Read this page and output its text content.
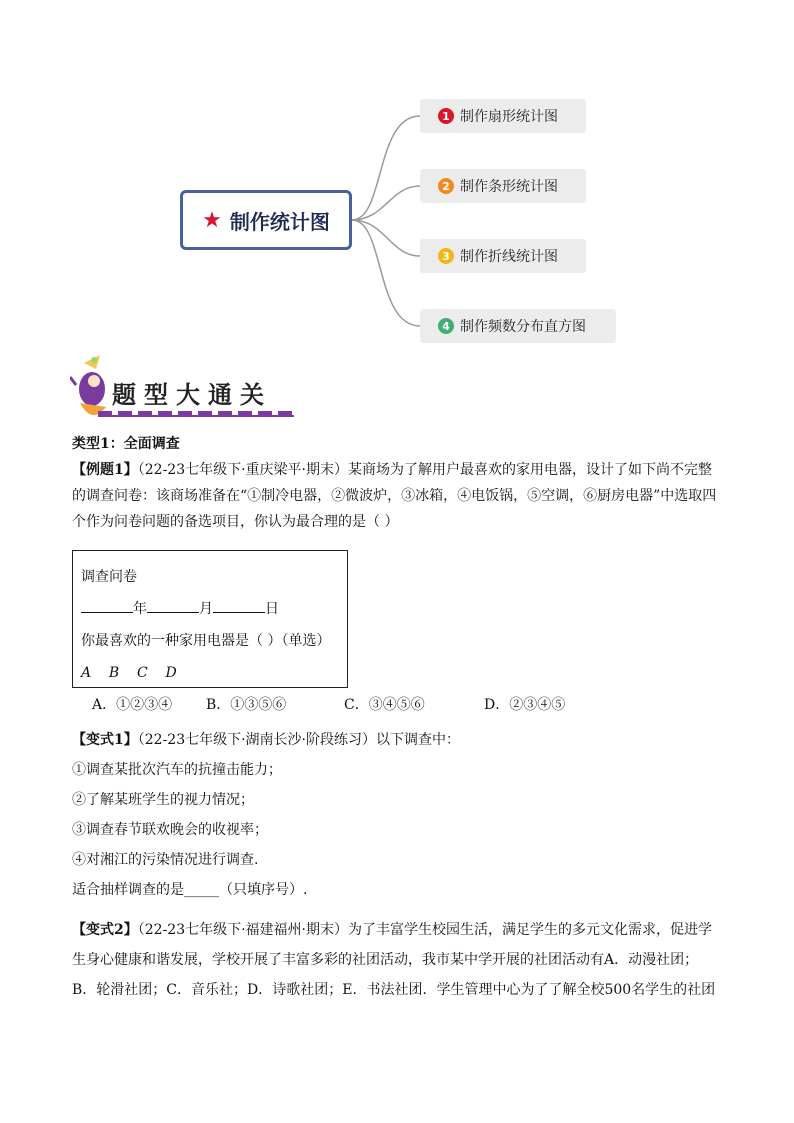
★ 制作统计图
1 制作扇形统计图
2 制作条形统计图
3 制作折线统计图
4 制作频数分布直方图
题型大通关
类型1：全面调查
【例题1】（22-23七年级下·重庆梁平·期末）某商场为了解用户最喜欢的家用电器，设计了如下尚不完整
的调查问卷：该商场准备在“①制冷电器，②微波炉，③冰箱，④电饭锅，⑤空调，⑥厨房电器”中选取四
个作为问卷问题的备选项目，你认为最合理的是（ ）
调查问卷
年	月	日
你最喜欢的一种家用电器是（ ）（单选）
A    B    C    D
A．①②③④ B．①③⑤⑥	C．③④⑤⑥	D．②③④⑤
【变式1】（22-23七年级下·湖南长沙·阶段练习）以下调查中：
①调查某批次汽车的抗撞击能力；
②了解某班学生的视力情况；
③调查春节联欢晚会的收视率；
④对湘江的污染情况进行调查.
适合抽样调查的是_____（只填序号）.
【变式2】（22-23七年级下·福建福州·期末）为了丰富学生校园生活，满足学生的多元文化需求，促进学
生身心健康和谐发展，学校开展了丰富多彩的社团活动，我市某中学开展的社团活动有A．动漫社团；
B．轮滑社团；C．音乐社；D．诗歌社团；E．书法社团．学生管理中心为了了解全校500名学生的社团
